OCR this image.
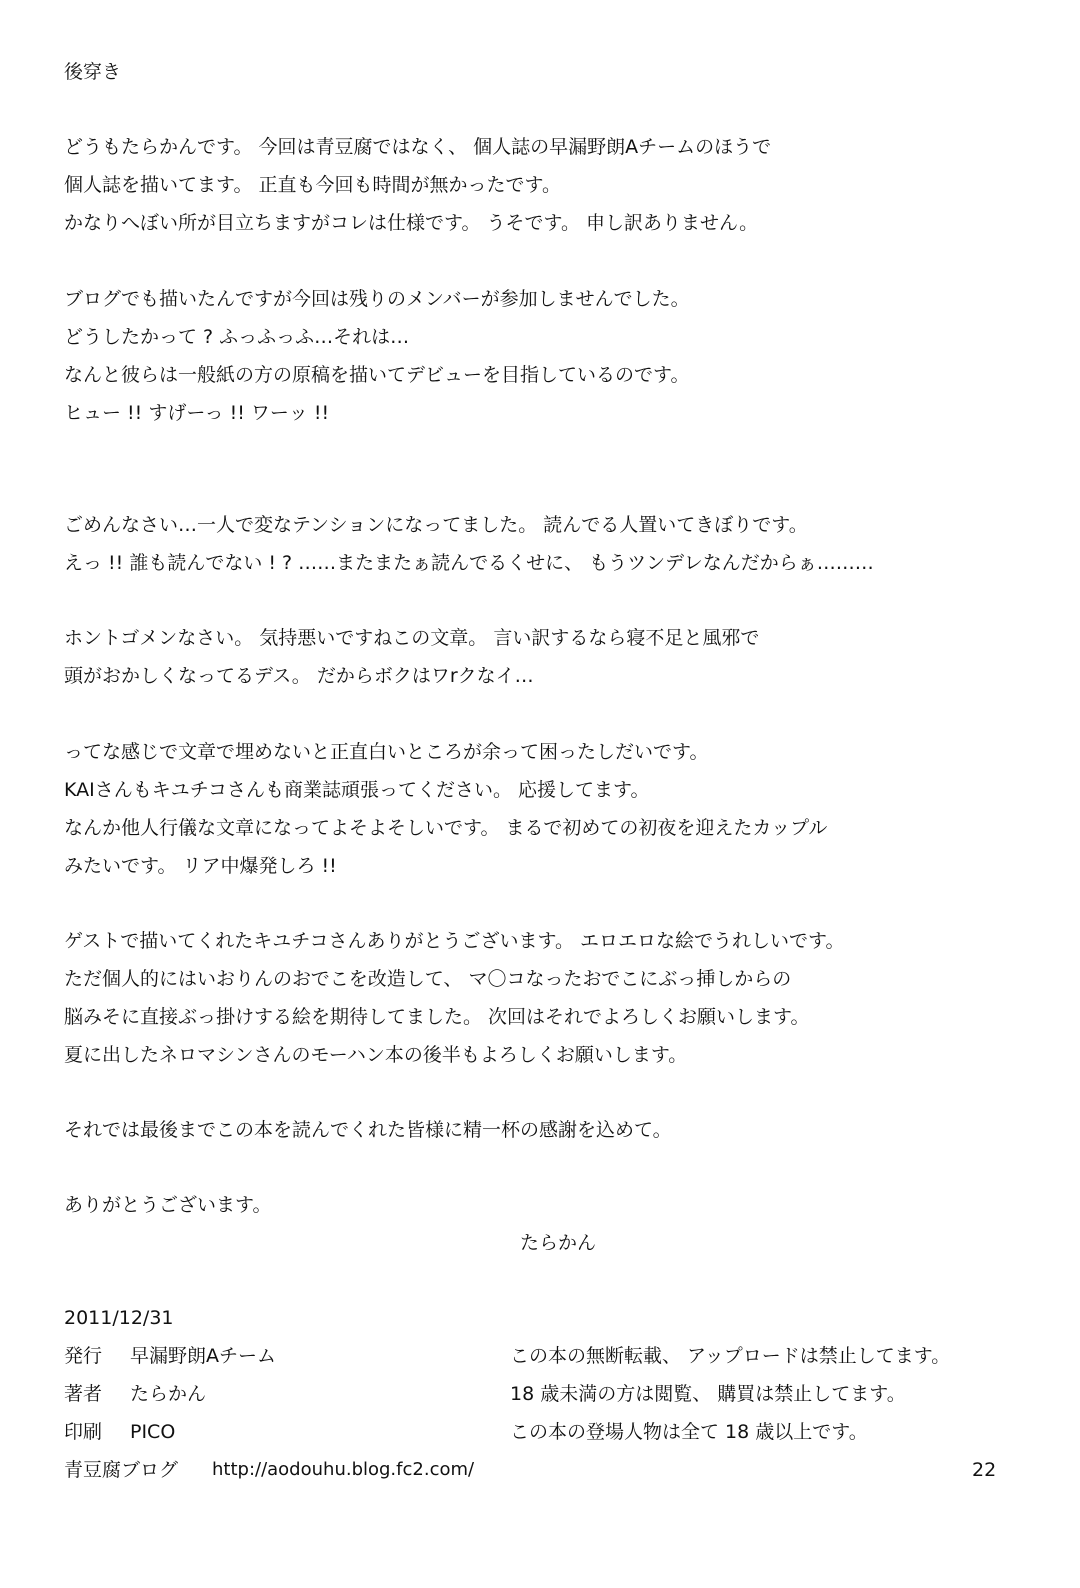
後穿き
どうもたらかんです。 今回は青豆腐ではなく、 個人誌の早漏野朗Aチームのほうで
個人誌を描いてます。 正直も今回も時間が無かったです。
かなりへぼい所が目立ちますがコレは仕様です。 うそです。 申し訳ありません。
ブログでも描いたんですが今回は残りのメンバーが参加しませんでした。
どうしたかって ? ふっふっふ…それは…
なんと彼らは一般紙の方の原稿を描いてデビューを目指しているのです。
ヒュー !! すげーっ !! ワーッ !!
ごめんなさい…一人で変なテンションになってました。 読んでる人置いてきぼりです。
えっ !! 誰も読んでない ! ? ……またまたぁ読んでるくせに、 もうツンデレなんだからぁ………
ホントゴメンなさい。 気持悪いですねこの文章。 言い訳するなら寝不足と風邪で
頭がおかしくなってるデス。 だからボクはワrクなイ…
ってな感じで文章で埋めないと正直白いところが余って困ったしだいです。
KAIさんもキユチコさんも商業誌頑張ってください。 応援してます。
なんか他人行儀な文章になってよそよそしいです。 まるで初めての初夜を迎えたカップル
みたいです。 リア中爆発しろ !!
ゲストで描いてくれたキユチコさんありがとうございます。 エロエロな絵でうれしいです。
ただ個人的にはいおりんのおでこを改造して、 マ〇コなったおでこにぶっ挿しからの
脳みそに直接ぶっ掛けする絵を期待してました。 次回はそれでよろしくお願いします。
夏に出したネロマシンさんのモーハン本の後半もよろしくお願いします。
それでは最後までこの本を読んでくれた皆様に精一杯の感謝を込めて。
ありがとうございます。
たらかん
2011/12/31
発行 早漏野朗Aチーム
著者 たらかん
印刷 PICO
青豆腐ブログ http://aodouhu.blog.fc2.com/
この本の無断転載、 アップロードは禁止してます。
18 歳未満の方は閲覧、 購買は禁止してます。
この本の登場人物は全て 18 歳以上です。
22
